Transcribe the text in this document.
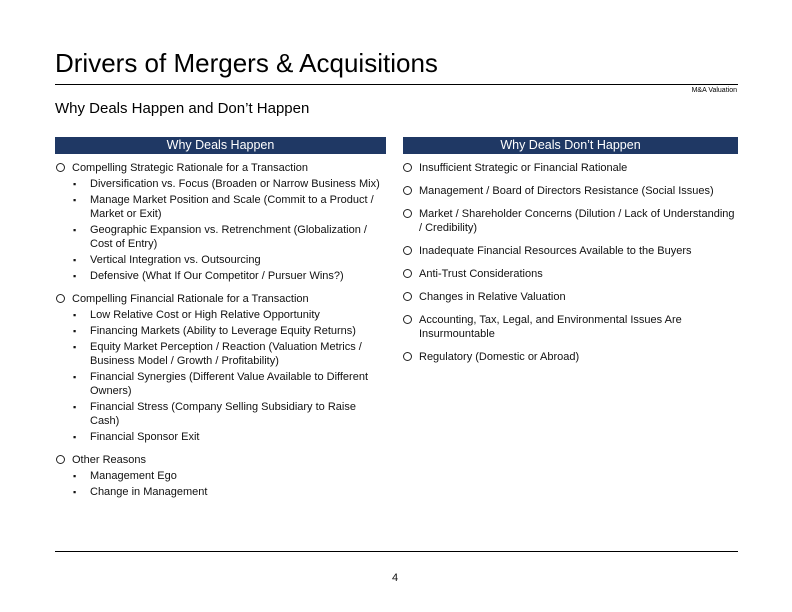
Drivers of Mergers & Acquisitions
M&A Valuation
Why Deals Happen and Don’t Happen
Why Deals Happen	Why Deals Don’t Happen
Compelling Strategic Rationale for a Transaction
▪ Diversification vs. Focus (Broaden or Narrow Business Mix)
▪ Manage Market Position and Scale (Commit to a Product / Market or Exit)
▪ Geographic Expansion vs. Retrenchment (Globalization / Cost of Entry)
▪ Vertical Integration vs. Outsourcing
▪ Defensive (What If Our Competitor / Pursuer Wins?)
Compelling Financial Rationale for a Transaction
▪ Low Relative Cost or High Relative Opportunity
▪ Financing Markets (Ability to Leverage Equity Returns)
▪ Equity Market Perception / Reaction (Valuation Metrics / Business Model / Growth / Profitability)
▪ Financial Synergies (Different Value Available to Different Owners)
▪ Financial Stress (Company Selling Subsidiary to Raise Cash)
▪ Financial Sponsor Exit
Other Reasons
▪ Management Ego
▪ Change in Management
Insufficient Strategic or Financial Rationale
Management / Board of Directors Resistance (Social Issues)
Market / Shareholder Concerns (Dilution / Lack of Understanding / Credibility)
Inadequate Financial Resources Available to the Buyers
Anti-Trust Considerations
Changes in Relative Valuation
Accounting, Tax, Legal, and Environmental Issues Are Insurmountable
Regulatory (Domestic or Abroad)
4
